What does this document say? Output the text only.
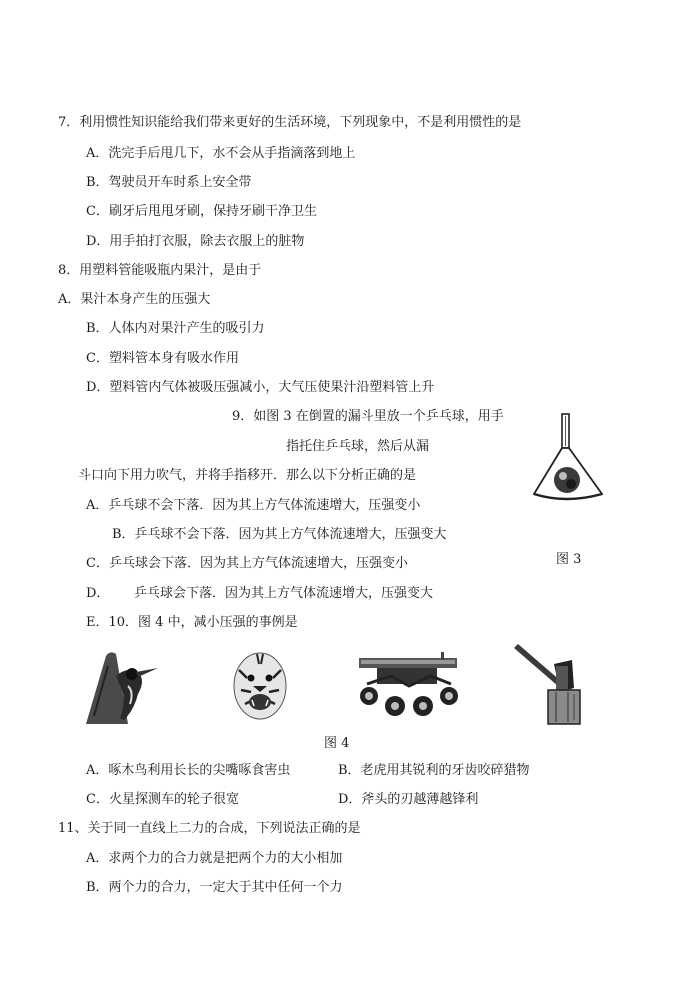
7．利用惯性知识能给我们带来更好的生活环境，下列现象中，不是利用惯性的是
A．洗完手后甩几下，水不会从手指滴落到地上
B．驾驶员开车时系上安全带
C．刷牙后甩甩牙刷，保持牙刷干净卫生
D．用手拍打衣服，除去衣服上的脏物
8．用塑料管能吸瓶内果汁，是由于
A．果汁本身产生的压强大
B．人体内对果汁产生的吸引力
C．塑料管本身有吸水作用
D．塑料管内气体被吸压强减小，大气压使果汁沿塑料管上升
9．如图 3 在倒置的漏斗里放一个乒乓球，用手
指托住乒乓球，然后从漏
斗口向下用力吹气，并将手指移开．那么以下分析正确的是
A．乒乓球不会下落．因为其上方气体流速增大，压强变小
B．乒乓球不会下落．因为其上方气体流速增大，压强变大
C．乒乓球会下落．因为其上方气体流速增大，压强变小
D． 乒乓球会下落．因为其上方气体流速增大，压强变大
图 3
E．10．图 4 中，减小压强的事例是
图 4
A．啄木鸟利用长长的尖嘴啄食害虫	B．老虎用其锐利的牙齿咬碎猎物
C．火星探测车的轮子很宽	D．斧头的刃越薄越锋利
11、关于同一直线上二力的合成，下列说法正确的是
A．求两个力的合力就是把两个力的大小相加
B．两个力的合力，一定大于其中任何一个力
